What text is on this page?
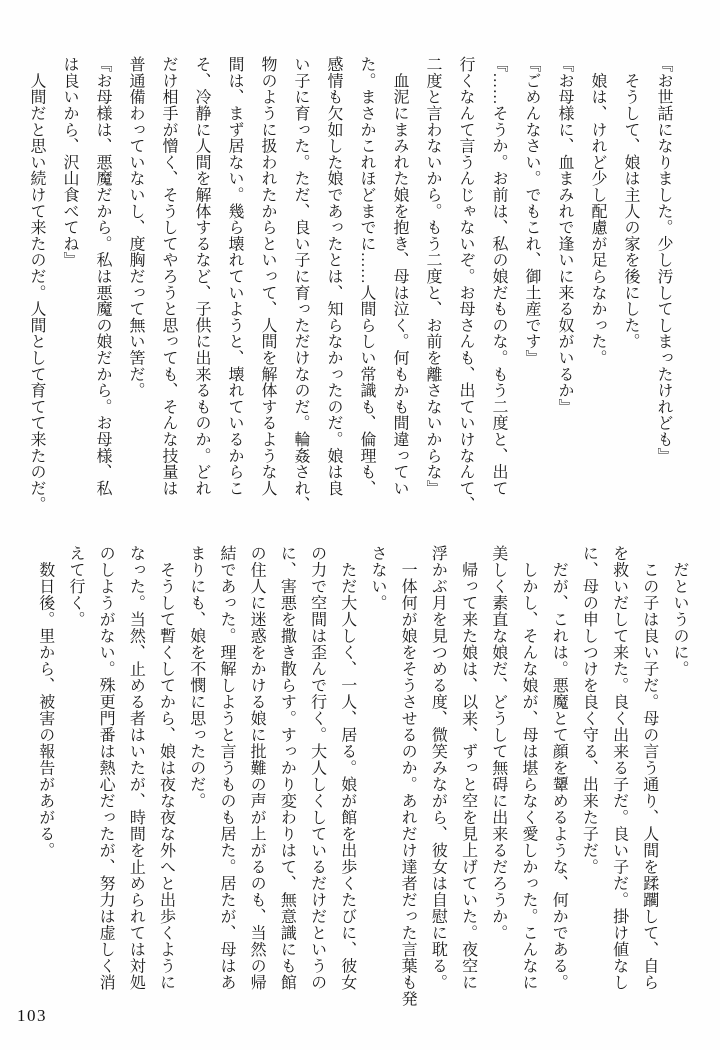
『お世話になりました。少し汚してしまったけれども』
　そうして、娘は主人の家を後にした。
　娘は、けれど少し配慮が足らなかった。
『お母様に、血まみれで逢いに来る奴がいるか』
『ごめんなさい。でもこれ、御土産です』
『……そうか。お前は、私の娘だものな。もう二度と、出て
行くなんて言うんじゃないぞ。お母さんも、出ていけなんて、
二度と言わないから。もう二度と、お前を離さないからな』
　血泥にまみれた娘を抱き、母は泣く。何もかも間違ってい
た。まさかこれほどまでに……人間らしい常識も、倫理も、
感情も欠如した娘であったとは、知らなかったのだ。娘は良
い子に育った。ただ、良い子に育っただけなのだ。輪姦され、
物のように扱われたからといって、人間を解体するような人
間は、まず居ない。幾ら壊れていようと、壊れているからこ
そ、冷静に人間を解体するなど、子供に出来るものか。どれ
だけ相手が憎く、そうしてやろうと思っても、そんな技量は
普通備わっていないし、度胸だって無い筈だ。
『お母様は、悪魔だから。私は悪魔の娘だから。お母様、私
は良いから、沢山食べてね』
　人間だと思い続けて来たのだ。人間として育てて来たのだ。
　だというのに。
　この子は良い子だ。母の言う通り、人間を蹂躙して、自ら
を救いだして来た。良く出来る子だ。良い子だ。掛け値なし
に、母の申しつけを良く守る、出来た子だ。
　だが、これは。悪魔とて顔を顰めるような、何かである。
　しかし、そんな娘が、母は堪らなく愛しかった。こんなに
美しく素直な娘だ、どうして無碍に出来るだろうか。
　帰って来た娘は、以来、ずっと空を見上げていた。夜空に
浮かぶ月を見つめる度、微笑みながら、彼女は自慰に耽る。
　一体何が娘をそうさせるのか。あれだけ達者だった言葉も発
さない。
　ただ大人しく、一人、居る。娘が館を出歩くたびに、彼女
の力で空間は歪んで行く。大人しくしているだけだというの
に、害悪を撒き散らす。すっかり変わりはて、無意識にも館
の住人に迷惑をかける娘に批難の声が上がるのも、当然の帰
結であった。理解しようと言うものも居た。居たが、母はあ
まりにも、娘を不憫に思ったのだ。
　そうして暫くしてから、娘は夜な夜な外へと出歩くように
なった。当然、止める者はいたが、時間を止められては対処
のしようがない。殊更門番は熱心だったが、努力は虚しく消
えて行く。
　数日後。里から、被害の報告があがる。
103
